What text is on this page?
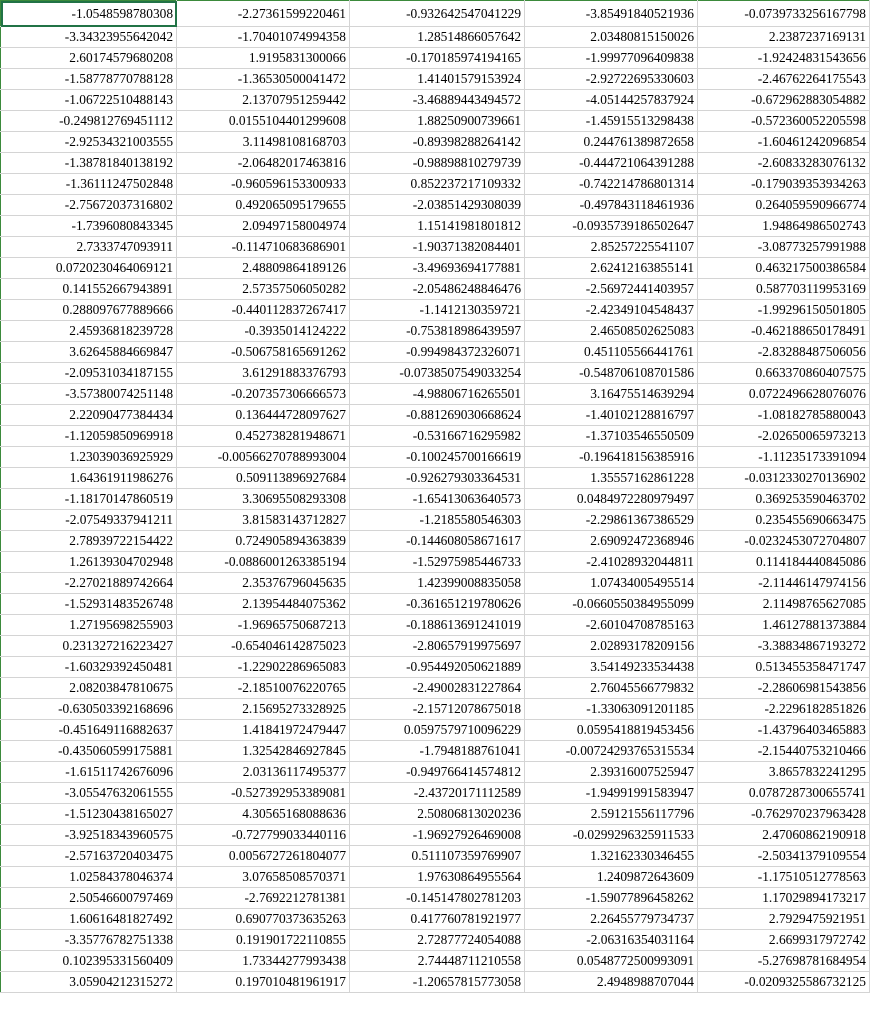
-1.0548598780308	-2.27361599220461	-0.932642547041229	-3.85491840521936	-0.0739733256167798
-3.34323955642042	-1.70401074994358	1.28514866057642	2.03480815150026	2.2387237169131
2.60174579680208	1.9195831300066	-0.170185974194165	-1.99977096409838	-1.92424831543656
-1.58778770788128	-1.36530500041472	1.41401579153924	-2.92722695330603	-2.46762264175543
-1.06722510488143	2.13707951259442	-3.46889443494572	-4.05144257837924	-0.672962883054882
-0.249812769451112	0.0155104401299608	1.88250900739661	-1.45915513298438	-0.572360052205598
-2.92534321003555	3.11498108168703	-0.89398288264142	0.244761389872658	-1.60461242096854
-1.38781840138192	-2.06482017463816	-0.98898810279739	-0.444721064391288	-2.60833283076132
-1.36111247502848	-0.960596153300933	0.852237217109332	-0.742214786801314	-0.179039353934263
-2.75672037316802	0.492065095179655	-2.03851429308039	-0.497843118461936	0.264059590966774
-1.7396080843345	2.09497158004974	1.15141981801812	-0.0935739186502647	1.94864986502743
2.7333747093911	-0.114710683686901	-1.90371382084401	2.85257225541107	-3.08773257991988
0.0720230464069121	2.48809864189126	-3.49693694177881	2.62412163855141	0.463217500386584
0.141552667943891	2.57357506050282	-2.05486248846476	-2.56972441403957	0.587703119953169
0.288097677889666	-0.440112837267417	-1.1412130359721	-2.42349104548437	-1.99296150501805
2.45936818239728	-0.3935014124222	-0.753818986439597	2.46508502625083	-0.462188650178491
3.62645884669847	-0.506758165691262	-0.994984372326071	0.451105566441761	-2.83288487506056
-2.09531034187155	3.61291883376793	-0.0738507549033254	-0.548706108701586	0.663370860407575
-3.57380074251148	-0.207357306666573	-4.98806716265501	3.16475514639294	0.0722496628076076
2.22090477384434	0.136444728097627	-0.881269030668624	-1.40102128816797	-1.08182785880043
-1.12059850969918	0.452738281948671	-0.53166716295982	-1.37103546550509	-2.02650065973213
1.23039036925929	-0.00566270788993004	-0.100245700166619	-0.196418156385916	-1.11235173391094
1.64361911986276	0.509113896927684	-0.926279303364531	1.35557162861228	-0.0312330270136902
-1.18170147860519	3.30695508293308	-1.65413063640573	0.0484972280979497	0.369253590463702
-2.07549337941211	3.81583143712827	-1.2185580546303	-2.29861367386529	0.235455690663475
2.78939722154422	0.724905894363839	-0.144608058671617	2.69092472368946	-0.0232453072704807
1.26139304702948	-0.0886001263385194	-1.52975985446733	-2.41028932044811	0.114184440845086
-2.27021889742664	2.35376796045635	1.42399008835058	1.07434005495514	-2.11446147974156
-1.52931483526748	2.13954484075362	-0.361651219780626	-0.0660550384955099	2.11498765627085
1.27195698255903	-1.96965750687213	-0.188613691241019	-2.60104708785163	1.46127881373884
0.231327216223427	-0.654046142875023	-2.80657919975697	2.02893178209156	-3.38834867193272
-1.60329392450481	-1.22902286965083	-0.954492050621889	3.54149233534438	0.513455358471747
2.08203847810675	-2.18510076220765	-2.49002831227864	2.76045566779832	-2.28606981543856
-0.630503392168696	2.15695273328925	-2.15712078675018	-1.33063091201185	-2.2296182851826
-0.451649116882637	1.41841972479447	0.0597579710096229	0.0595418819453456	-1.43796403465883
-0.435060599175881	1.32542846927845	-1.7948188761041	-0.00724293765315534	-2.15440753210466
-1.61511742676096	2.03136117495377	-0.949766414574812	2.39316007525947	3.8657832241295
-3.05547632061555	-0.527392953389081	-2.43720171112589	-1.94991991583947	0.0787287300655741
-1.51230438165027	4.30565168088636	2.50806813020236	2.59121556117796	-0.762970237963428
-3.92518343960575	-0.727799033440116	-1.96927926469008	-0.0299296325911533	2.47060862190918
-2.57163720403475	0.0056727261804077	0.511107359769907	1.32162330346455	-2.50341379109554
1.02584378046374	3.07658508570371	1.97630864955564	1.2409872643609	-1.17510512778563
2.50546600797469	-2.7692212781381	-0.145147802781203	-1.59077896458262	1.17029894173217
1.60616481827492	0.690770373635263	0.417760781921977	2.26455779734737	2.7929475921951
-3.35776782751338	0.191901722110855	2.72877724054088	-2.06316354031164	2.6699317972742
0.102395331560409	1.73344277993438	2.74448711210558	0.0548772500993091	-5.27698781684954
3.05904212315272	0.197010481961917	-1.20657815773058	2.4948988707044	-0.0209325586732125
